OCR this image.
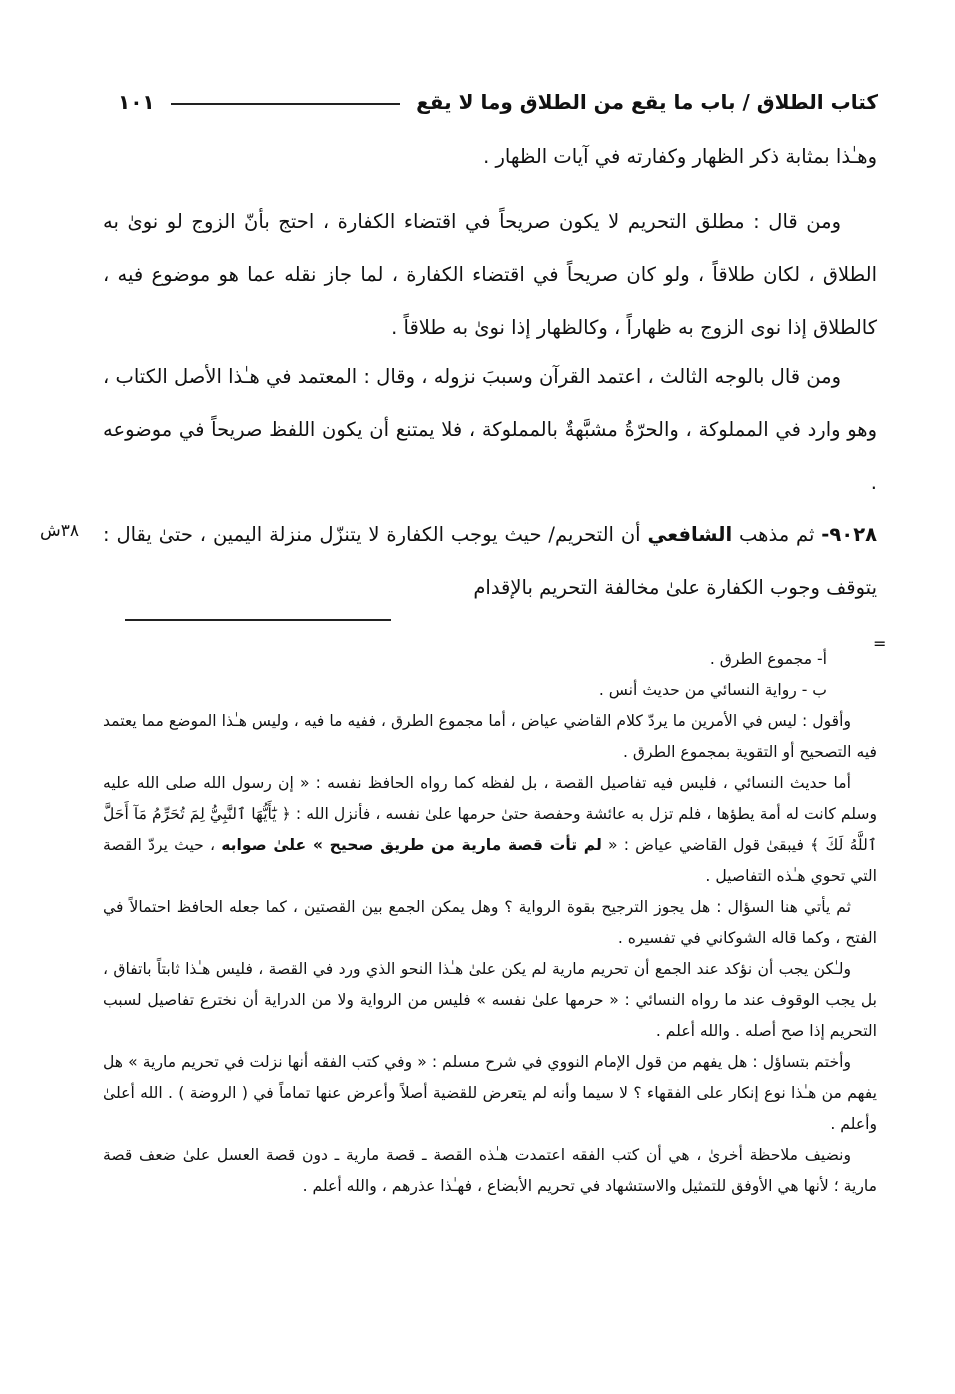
كتاب الطلاق / باب ما يقع من الطلاق وما لا يقع
١٠١

وهـٰذا بمثابة ذكر الظهار وكفارته في آيات الظهار .

ومن قال : مطلق التحريم لا يكون صريحاً في اقتضاء الكفارة ، احتج بأنّ الزوج لو نوىٰ به الطلاق ، لكان طلاقاً ، ولو كان صريحاً في اقتضاء الكفارة ، لما جاز نقله عما هو موضوع فيه ، كالطلاق إذا نوى الزوج به ظهاراً ، وكالظهار إذا نوىٰ به طلاقاً .

ومن قال بالوجه الثالث ، اعتمد القرآن وسببَ نزوله ، وقال : المعتمد في هـٰذا الأصل الكتاب ، وهو وارد في المملوكة ، والحرّةُ مشبَّهةٌ بالمملوكة ، فلا يمتنع أن يكون اللفظ صريحاً في موضوعه .

٩٠٢٨- ثم مذهب الشافعي أن التحريم/ حيث يوجب الكفارة لا يتنزّل منزلة اليمين ، حتىٰ يقال : يتوقف وجوب الكفارة علىٰ مخالفة التحريم بالإقدام

٣٨ش
=

أ- مجموع الطرق .

ب - رواية النسائي من حديث أنس .

وأقول : ليس في الأمرين ما يردّ كلام القاضي عياض ، أما مجموع الطرق ، ففيه ما فيه ، وليس هـٰذا الموضع مما يعتمد فيه التصحيح أو التقوية بمجموع الطرق .

أما حديث النسائي ، فليس فيه تفاصيل القصة ، بل لفظه كما رواه الحافظ نفسه : « إن رسول الله صلى الله عليه وسلم كانت له أمة يطؤها ، فلم تزل به عائشة وحفصة حتىٰ حرمها علىٰ نفسه ، فأنزل الله : ﴿ يَٰٓأَيُّهَا ٱلنَّبِيُّ لِمَ تُحَرِّمُ مَآ أَحَلَّ ٱللَّهُ لَكَ ﴾ فيبقىٰ قول القاضي عياض : « لم تأت قصة مارية من طريق صحيح » علىٰ صوابه ، حيث يردّ القصة التي تحوي هـٰذه التفاصيل .

ثم يأتي هنا السؤال : هل يجوز الترجيح بقوة الرواية ؟ وهل يمكن الجمع بين القصتين ، كما جعله الحافظ احتمالاً في الفتح ، وكما قاله الشوكاني في تفسيره .

ولـٰكن يجب أن نؤكد عند الجمع أن تحريم مارية لم يكن علىٰ هـٰذا النحو الذي ورد في القصة ، فليس هـٰذا ثابتاً باتفاق ، بل يجب الوقوف عند ما رواه النسائي : « حرمها علىٰ نفسه » فليس من الرواية ولا من الدراية أن نخترع تفاصيل لسبب التحريم إذا صح أصله . والله أعلم .

وأختم بتساؤل : هل يفهم من قول الإمام النووي في شرح مسلم : « وفي كتب الفقه أنها نزلت في تحريم مارية » هل يفهم من هـٰذا نوع إنكار على الفقهاء ؟ لا سيما وأنه لم يتعرض للقضية أصلاً وأعرض عنها تماماً في ( الروضة ) . الله أعلىٰ وأعلم .

ونضيف ملاحظة أخرىٰ ، هي أن كتب الفقه اعتمدت هـٰذه القصة ـ قصة مارية ـ دون قصة العسل علىٰ ضعف قصة مارية ؛ لأنها هي الأوفق للتمثيل والاستشهاد في تحريم الأبضاع ، فهـٰذا عذرهم ، والله أعلم .
